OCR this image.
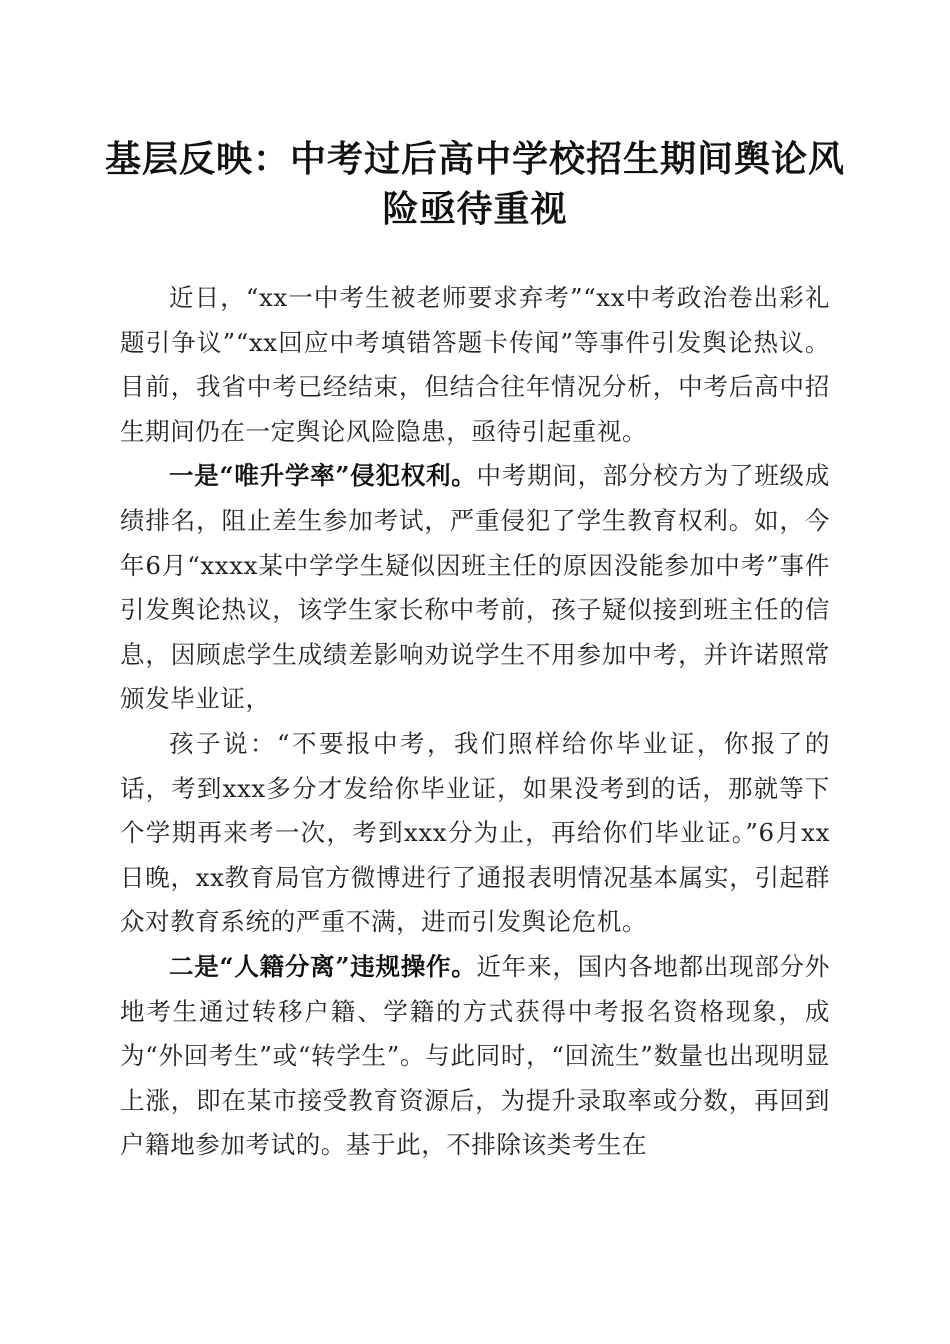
基层反映：中考过后高中学校招生期间舆论风险亟待重视

近日，“xx一中考生被老师要求弃考”“xx中考政治卷出彩礼题引争议”“xx回应中考填错答题卡传闻”等事件引发舆论热议。目前，我省中考已经结束，但结合往年情况分析，中考后高中招生期间仍在一定舆论风险隐患，亟待引起重视。

一是“唯升学率”侵犯权利。中考期间，部分校方为了班级成绩排名，阻止差生参加考试，严重侵犯了学生教育权利。如，今年6月“xxxx某中学学生疑似因班主任的原因没能参加中考”事件引发舆论热议，该学生家长称中考前，孩子疑似接到班主任的信息，因顾虑学生成绩差影响劝说学生不用参加中考，并许诺照常颁发毕业证，

孩子说：“不要报中考，我们照样给你毕业证，你报了的话，考到xxx多分才发给你毕业证，如果没考到的话，那就等下个学期再来考一次，考到xxx分为止，再给你们毕业证。”6月xx日晚，xx教育局官方微博进行了通报表明情况基本属实，引起群众对教育系统的严重不满，进而引发舆论危机。

二是“人籍分离”违规操作。近年来，国内各地都出现部分外地考生通过转移户籍、学籍的方式获得中考报名资格现象，成为“外回考生”或“转学生”。与此同时，“回流生”数量也出现明显上涨，即在某市接受教育资源后，为提升录取率或分数，再回到户籍地参加考试的。基于此，不排除该类考生在
